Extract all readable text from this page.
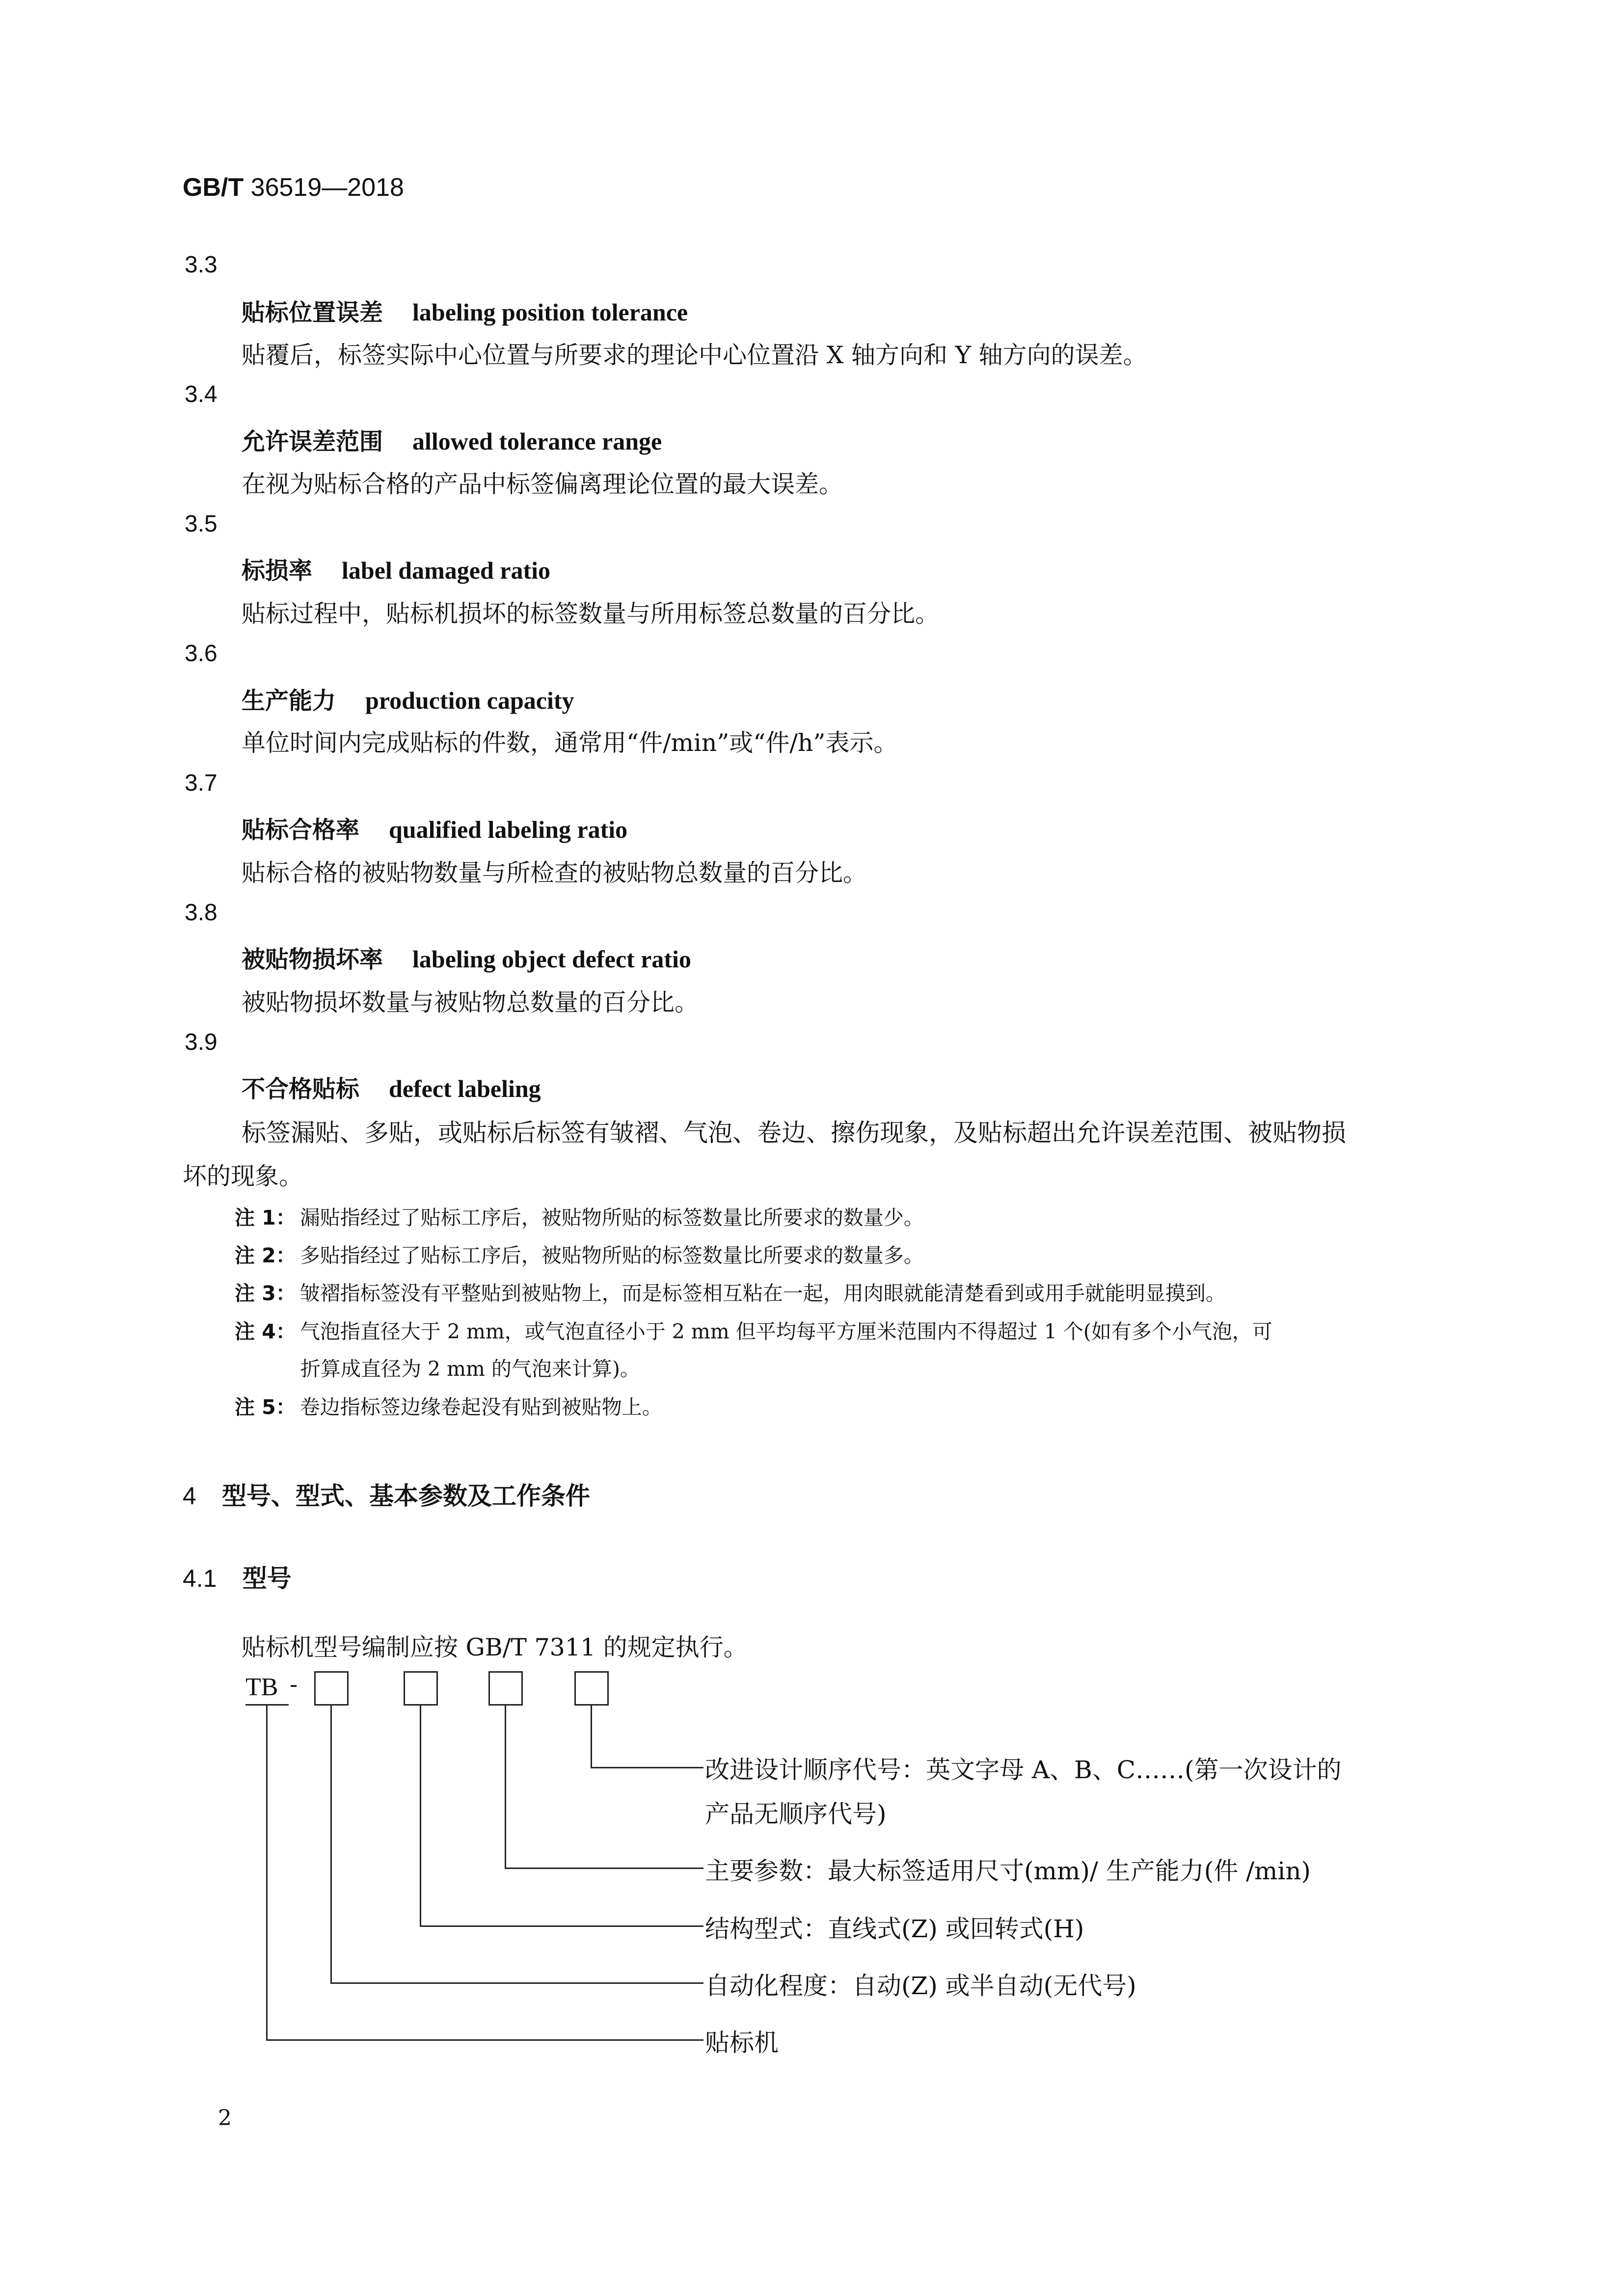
GB/T 36519—2018
3.3
贴标位置误差 labeling position tolerance
贴覆后，标签实际中心位置与所要求的理论中心位置沿 X 轴方向和 Y 轴方向的误差。
3.4
允许误差范围 allowed tolerance range
在视为贴标合格的产品中标签偏离理论位置的最大误差。
3.5
标损率 label damaged ratio
贴标过程中，贴标机损坏的标签数量与所用标签总数量的百分比。
3.6
生产能力 production capacity
单位时间内完成贴标的件数，通常用“件/min”或“件/h”表示。
3.7
贴标合格率 qualified labeling ratio
贴标合格的被贴物数量与所检查的被贴物总数量的百分比。
3.8
被贴物损坏率 labeling object defect ratio
被贴物损坏数量与被贴物总数量的百分比。
3.9
不合格贴标 defect labeling
标签漏贴、多贴，或贴标后标签有皱褶、气泡、卷边、擦伤现象，及贴标超出允许误差范围、被贴物损
坏的现象。
注 1： 漏贴指经过了贴标工序后，被贴物所贴的标签数量比所要求的数量少。
注 2： 多贴指经过了贴标工序后，被贴物所贴的标签数量比所要求的数量多。
注 3： 皱褶指标签没有平整贴到被贴物上，而是标签相互粘在一起，用肉眼就能清楚看到或用手就能明显摸到。
注 4： 气泡指直径大于 2 mm，或气泡直径小于 2 mm 但平均每平方厘米范围内不得超过 1 个(如有多个小气泡，可
折算成直径为 2 mm 的气泡来计算)。
注 5： 卷边指标签边缘卷起没有贴到被贴物上。
4 型号、型式、基本参数及工作条件
4.1 型号
贴标机型号编制应按 GB/T 7311 的规定执行。
TB -
改进设计顺序代号：英文字母 A、B、C……(第一次设计的
产品无顺序代号)
主要参数：最大标签适用尺寸(mm)/ 生产能力(件 /min)
结构型式：直线式(Z) 或回转式(H)
自动化程度：自动(Z) 或半自动(无代号)
贴标机
2
